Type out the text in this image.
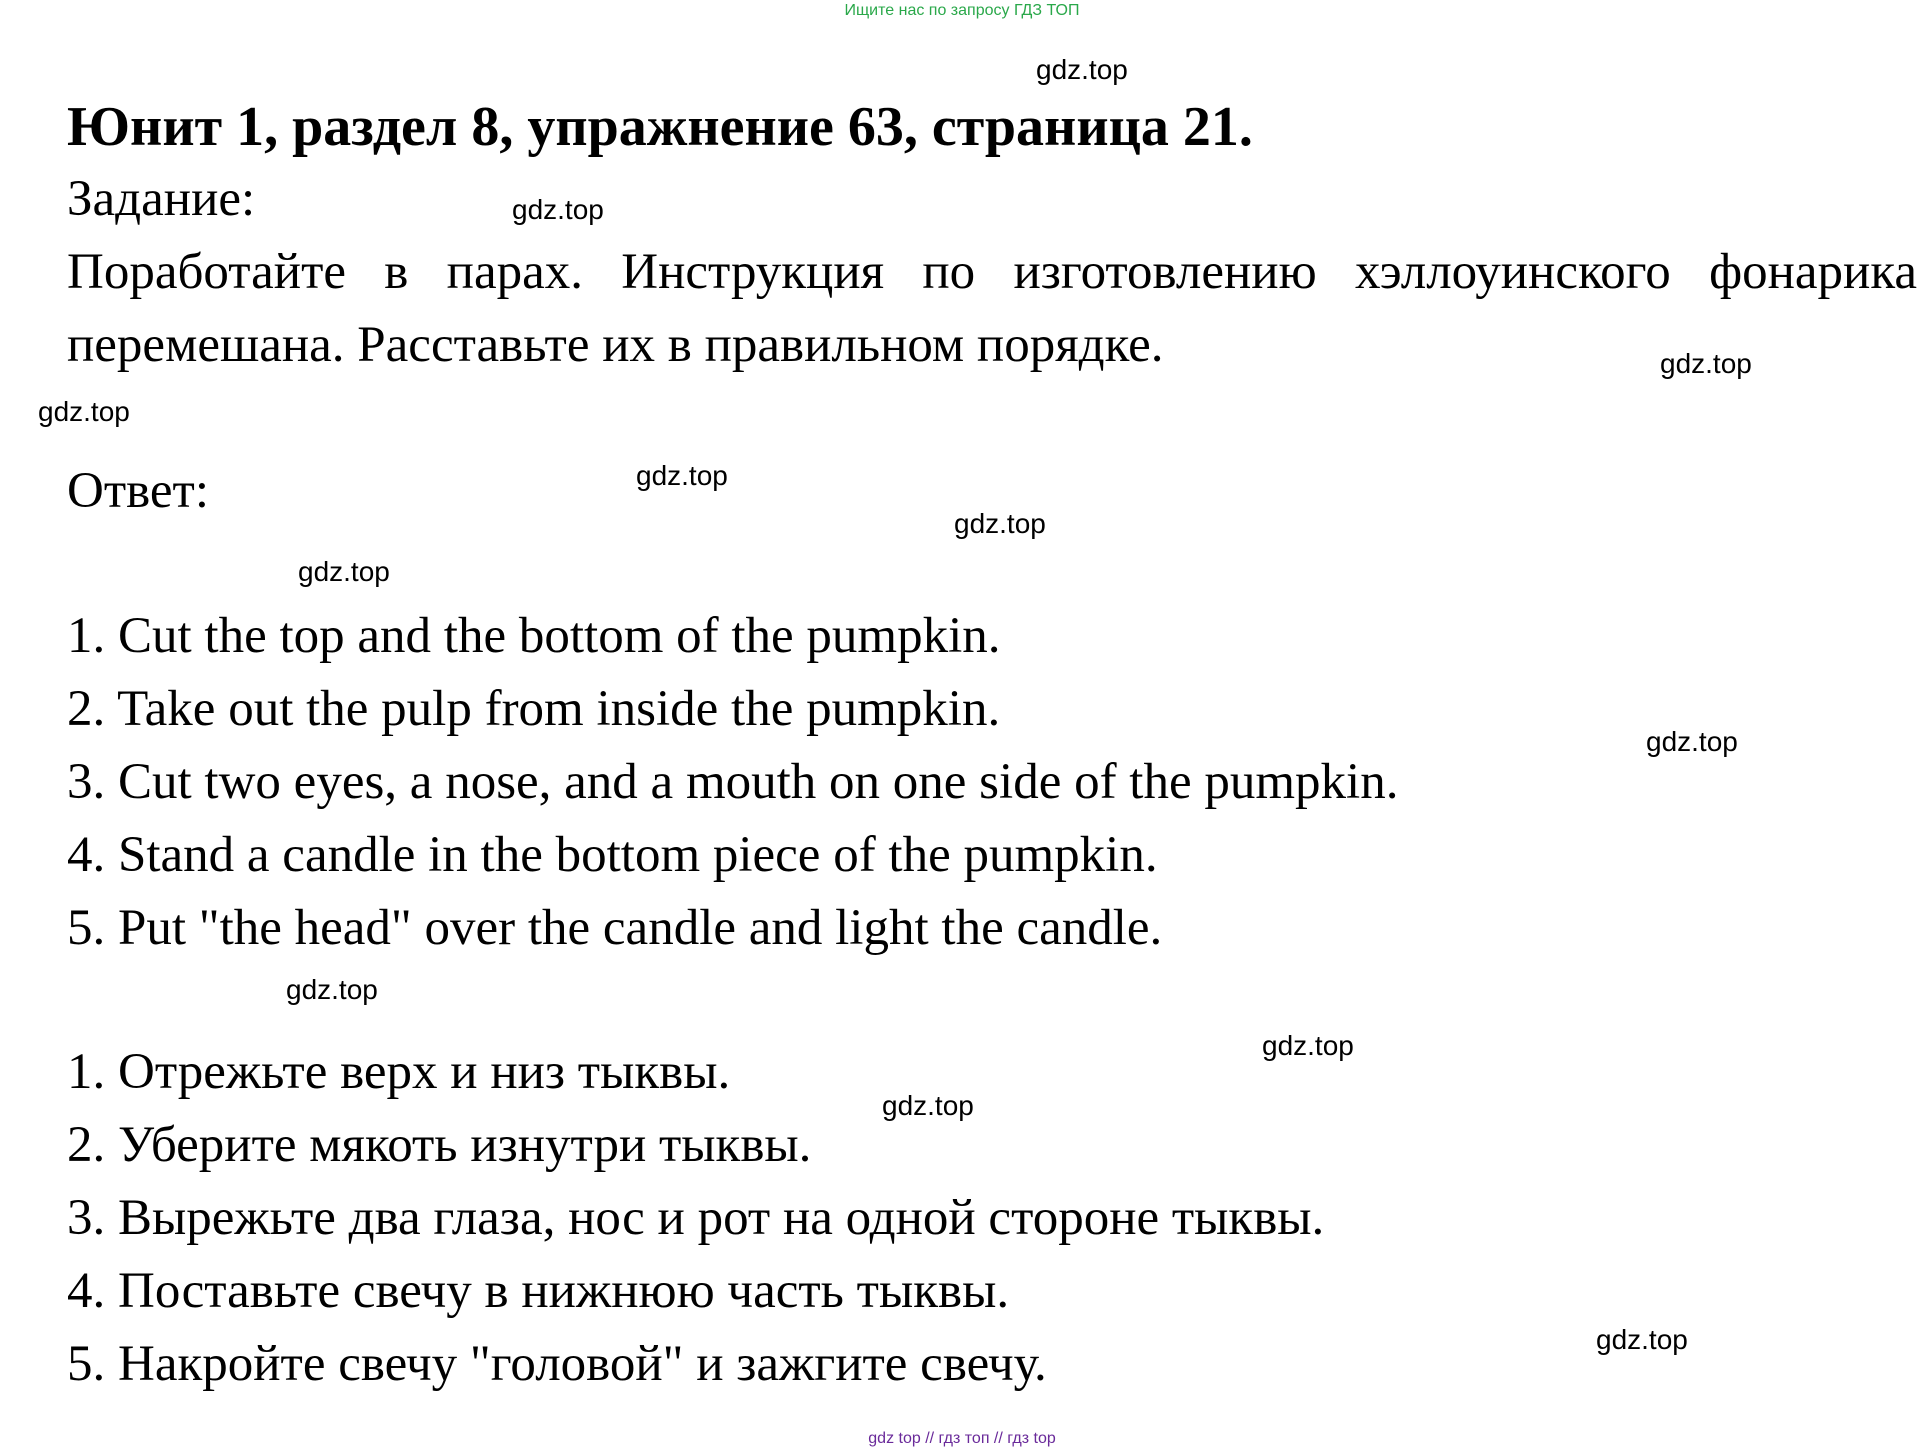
Ищите нас по запросу ГДЗ ТОП
Юнит 1, раздел 8, упражнение 63, страница 21.
Задание:
Поработайте в парах. Инструкция по изготовлению хэллоуинского фонарика перемешана. Расставьте их в правильном порядке.
Ответ:
1. Cut the top and the bottom of the pumpkin.
2. Take out the pulp from inside the pumpkin.
3. Cut two eyes, a nose, and a mouth on one side of the pumpkin.
4. Stand a candle in the bottom piece of the pumpkin.
5. Put "the head" over the candle and light the candle.
1. Отрежьте верх и низ тыквы.
2. Уберите мякоть изнутри тыквы.
3. Вырежьте два глаза, нос и рот на одной стороне тыквы.
4. Поставьте свечу в нижнюю часть тыквы.
5. Накройте свечу "головой" и зажгите свечу.
gdz.top
gdz.top
gdz.top
gdz.top
gdz.top
gdz.top
gdz.top
gdz.top
gdz.top
gdz.top
gdz.top
gdz.top
gdz top // гдз топ // гдз top
